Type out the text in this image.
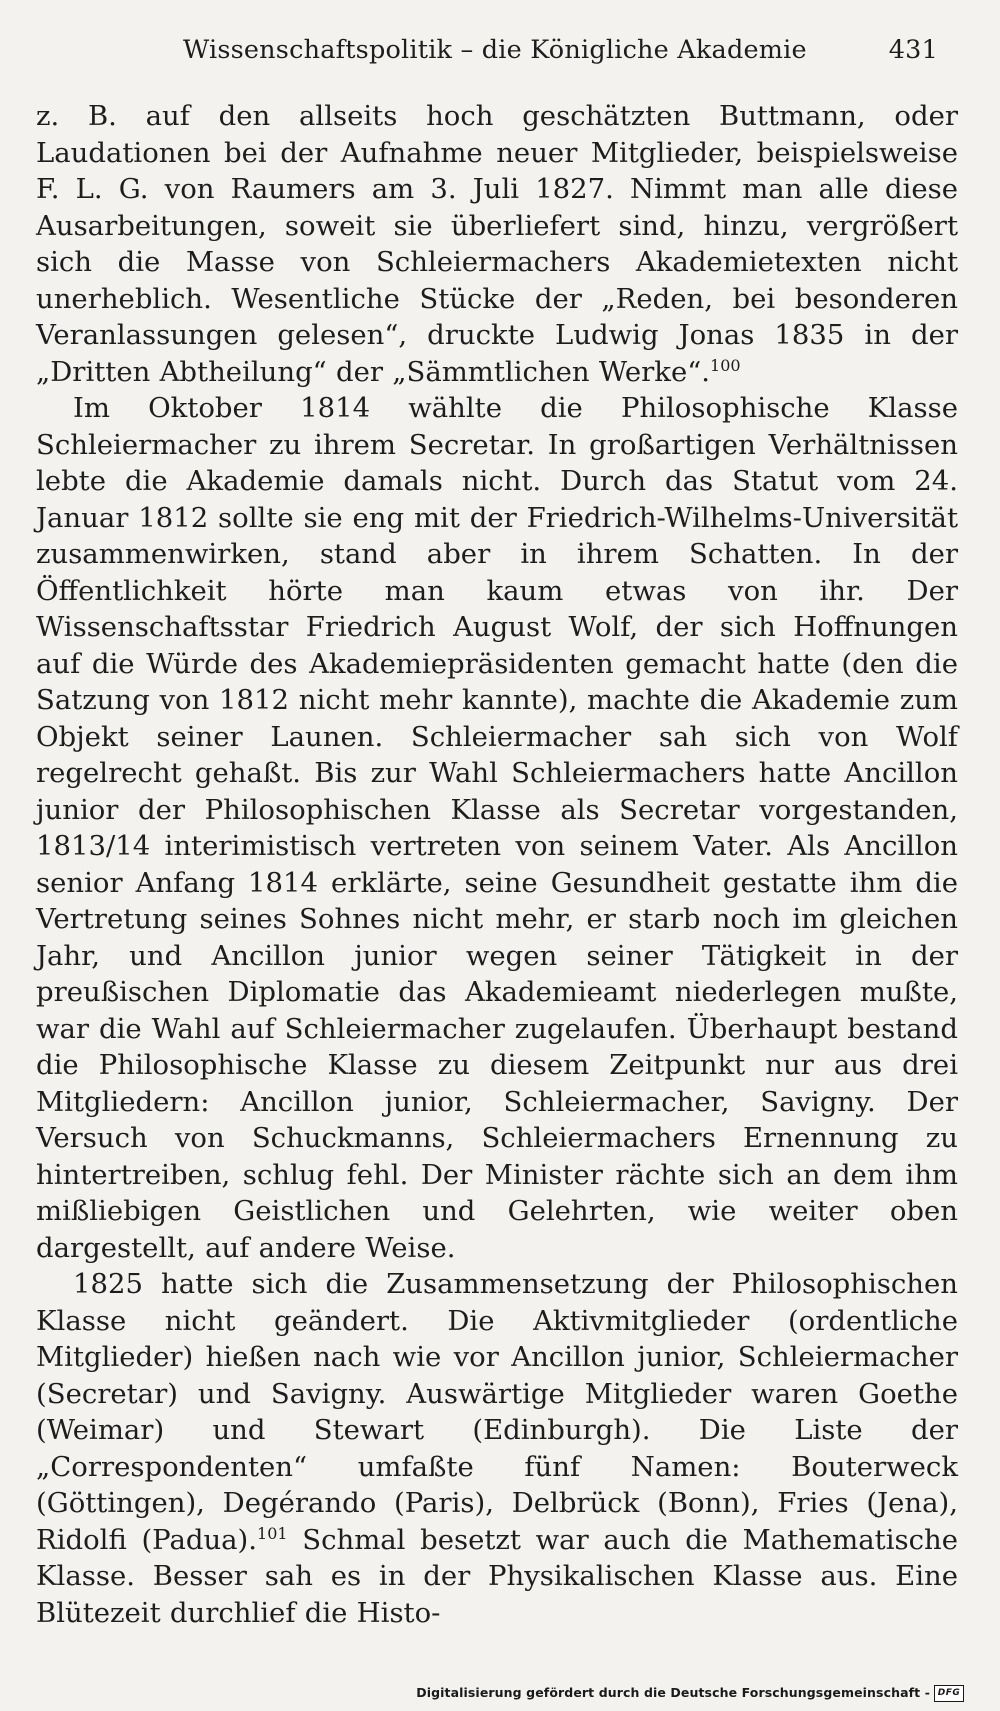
Wissenschaftspolitik – die Königliche Akademie	431

z. B. auf den allseits hoch geschätzten Buttmann, oder Laudationen bei der Aufnahme neuer Mitglieder, beispielsweise F. L. G. von Raumers am 3. Juli 1827. Nimmt man alle diese Ausarbeitungen, soweit sie überliefert sind, hinzu, vergrößert sich die Masse von Schleiermachers Akademietexten nicht unerheblich. Wesentliche Stücke der „Reden, bei besonderen Veranlassungen gelesen“, druckte Ludwig Jonas 1835 in der „Dritten Abtheilung“ der „Sämmtlichen Werke“.$^{100}$

Im Oktober 1814 wählte die Philosophische Klasse Schleiermacher zu ihrem Secretar. In großartigen Verhältnissen lebte die Akademie damals nicht. Durch das Statut vom 24. Januar 1812 sollte sie eng mit der Friedrich-Wilhelms-Universität zusammenwirken, stand aber in ihrem Schatten. In der Öffentlichkeit hörte man kaum etwas von ihr. Der Wissenschaftsstar Friedrich August Wolf, der sich Hoffnungen auf die Würde des Akademiepräsidenten gemacht hatte (den die Satzung von 1812 nicht mehr kannte), machte die Akademie zum Objekt seiner Launen. Schleiermacher sah sich von Wolf regelrecht gehaßt. Bis zur Wahl Schleiermachers hatte Ancillon junior der Philosophischen Klasse als Secretar vorgestanden, 1813/14 interimistisch vertreten von seinem Vater. Als Ancillon senior Anfang 1814 erklärte, seine Gesundheit gestatte ihm die Vertretung seines Sohnes nicht mehr, er starb noch im gleichen Jahr, und Ancillon junior wegen seiner Tätigkeit in der preußischen Diplomatie das Akademieamt niederlegen mußte, war die Wahl auf Schleiermacher zugelaufen. Überhaupt bestand die Philosophische Klasse zu diesem Zeitpunkt nur aus drei Mitgliedern: Ancillon junior, Schleiermacher, Savigny. Der Versuch von Schuckmanns, Schleiermachers Ernennung zu hintertreiben, schlug fehl. Der Minister rächte sich an dem ihm mißliebigen Geistlichen und Gelehrten, wie weiter oben dargestellt, auf andere Weise.

1825 hatte sich die Zusammensetzung der Philosophischen Klasse nicht geändert. Die Aktivmitglieder (ordentliche Mitglieder) hießen nach wie vor Ancillon junior, Schleiermacher (Secretar) und Savigny. Auswärtige Mitglieder waren Goethe (Weimar) und Stewart (Edinburgh). Die Liste der „Correspondenten“ umfaßte fünf Namen: Bouterweck (Göttingen), Degérando (Paris), Delbrück (Bonn), Fries (Jena), Ridolfi (Padua).$^{101}$ Schmal besetzt war auch die Mathematische Klasse. Besser sah es in der Physikalischen Klasse aus. Eine Blütezeit durchlief die Histo-

Digitalisierung gefördert durch die Deutsche Forschungsgemeinschaft - DFG
